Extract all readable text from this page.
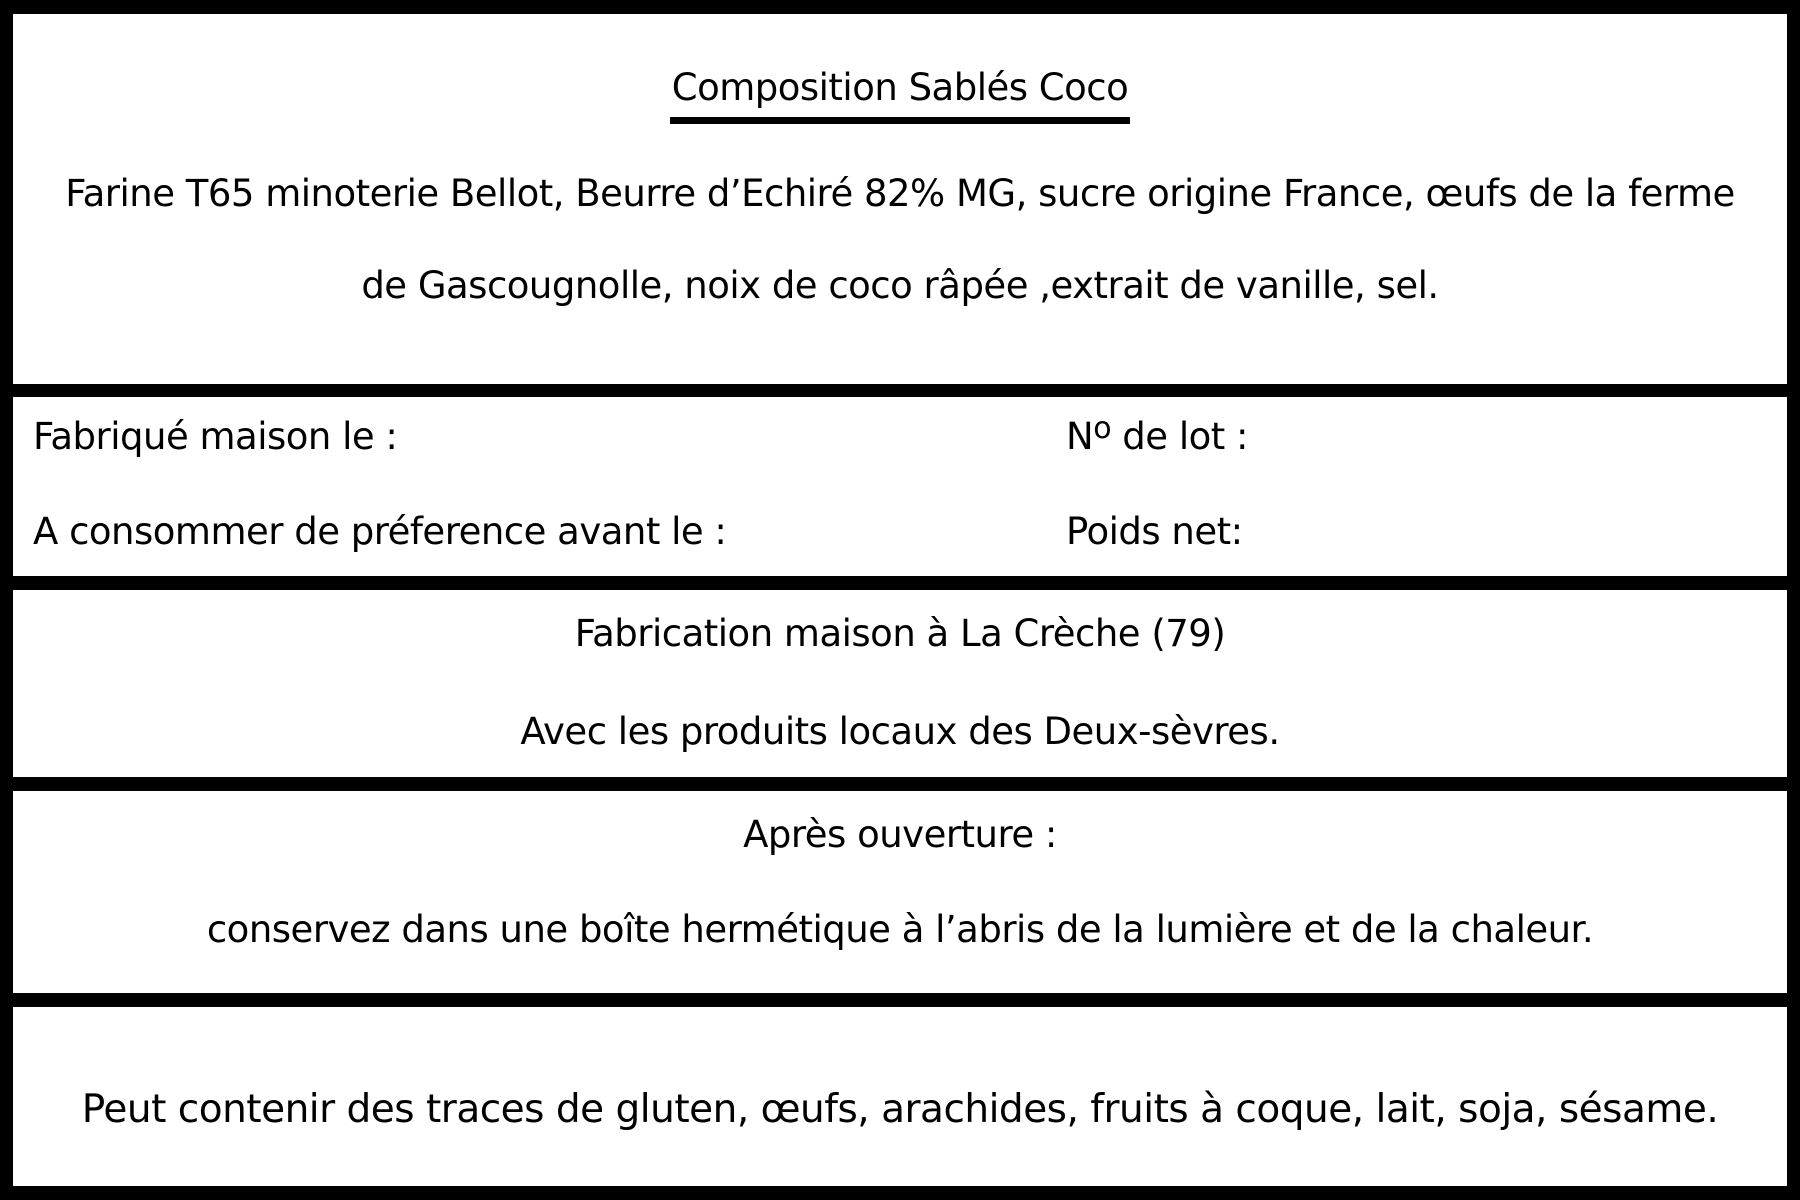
Composition Sablés Coco
Farine T65 minoterie Bellot, Beurre d’Echiré 82% MG, sucre origine France, œufs de la ferme
de Gascougnolle, noix de coco râpée ,extrait de vanille, sel.
Fabriqué maison le :
A consommer de préference avant le :
$N^o$ de lot :
Poids net:
Fabrication maison à La Crèche (79)
Avec les produits locaux des Deux-sèvres.
Après ouverture :
conservez dans une boîte hermétique à l’abris de la lumière et de la chaleur.
Peut contenir des traces de gluten, œufs, arachides, fruits à coque, lait, soja, sésame.
